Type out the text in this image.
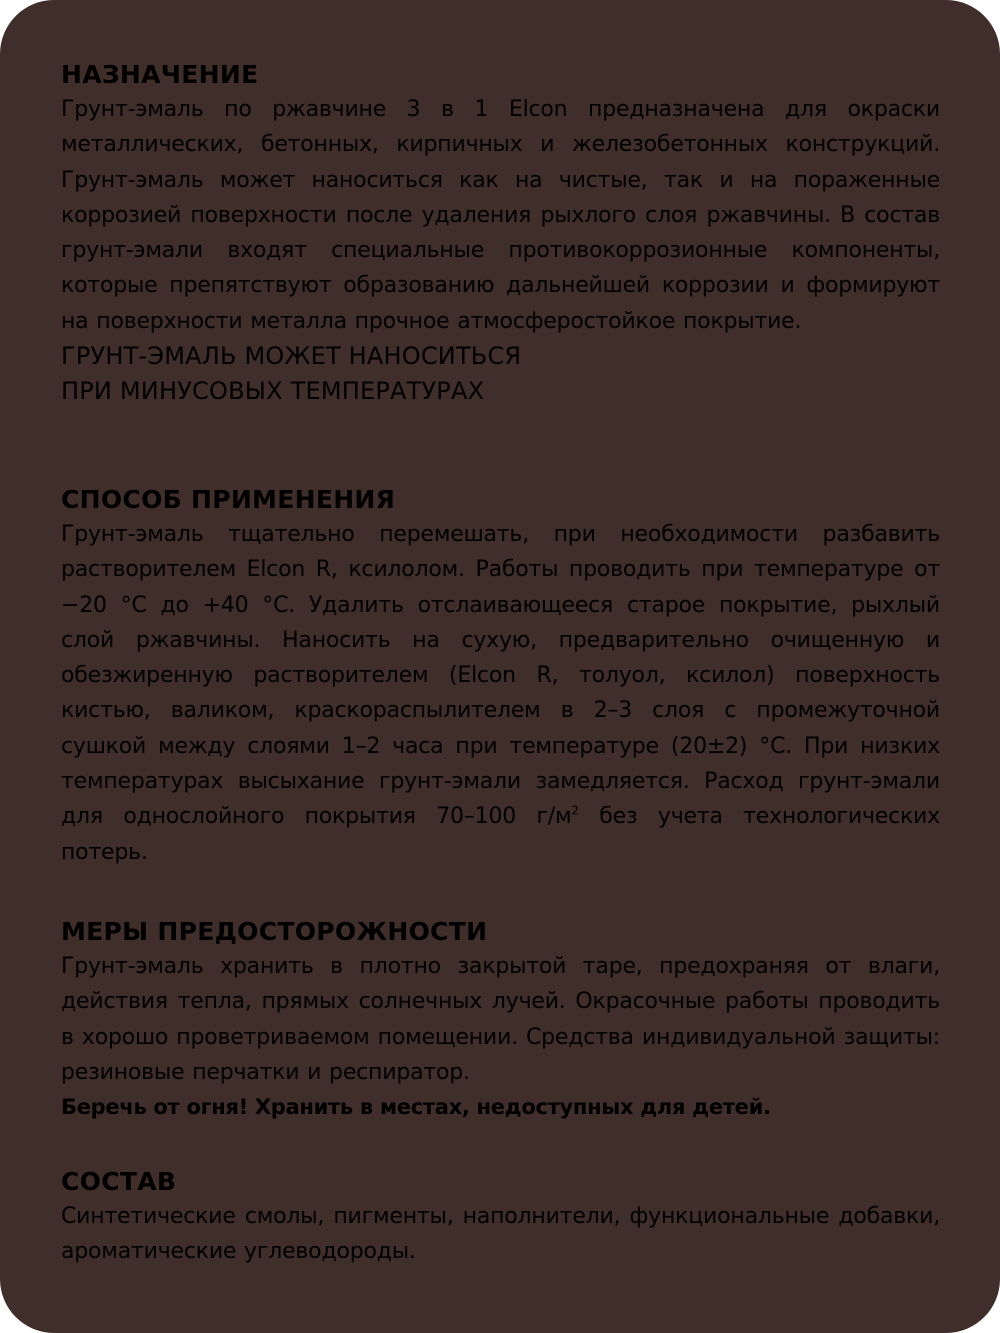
НАЗНАЧЕНИЕ

Грунт-эмаль по ржавчине 3 в 1 Elcon предназначена для окраски металлических, бетонных, кирпичных и железобетонных конструкций. Грунт-эмаль может наноситься как на чистые, так и на пораженные коррозией поверхности после удаления рыхлого слоя ржавчины. В состав грунт-эмали входят специальные противокоррозионные компоненты, которые препятствуют образованию дальнейшей коррозии и формируют на поверхности металла прочное атмосферостойкое покрытие.

ГРУНТ-ЭМАЛЬ МОЖЕТ НАНОСИТЬСЯ
ПРИ МИНУСОВЫХ ТЕМПЕРАТУРАХ

СПОСОБ ПРИМЕНЕНИЯ

Грунт-эмаль тщательно перемешать, при необходимости разбавить растворителем Elcon R, ксилолом. Работы проводить при температуре от −20 °С до +40 °С. Удалить отслаивающееся старое покрытие, рыхлый слой ржавчины. Наносить на сухую, предварительно очищенную и обезжиренную растворителем (Elcon R, толуол, ксилол) поверхность кистью, валиком, краскораспылителем в 2–3 слоя с промежуточной сушкой между слоями 1–2 часа при температуре (20±2) °С. При низких температурах высыхание грунт-эмали замедляется. Расход грунт-эмали для однослойного покрытия 70–100 $г/м^2$ без учета технологических потерь.

МЕРЫ ПРЕДОСТОРОЖНОСТИ

Грунт-эмаль хранить в плотно закрытой таре, предохраняя от влаги, действия тепла, прямых солнечных лучей. Окрасочные работы проводить в хорошо проветриваемом помещении. Средства индивидуальной защиты: резиновые перчатки и респиратор.

Беречь от огня! Хранить в местах, недоступных для детей.

СОСТАВ

Синтетические смолы, пигменты, наполнители, функциональные добавки, ароматические углеводороды.
